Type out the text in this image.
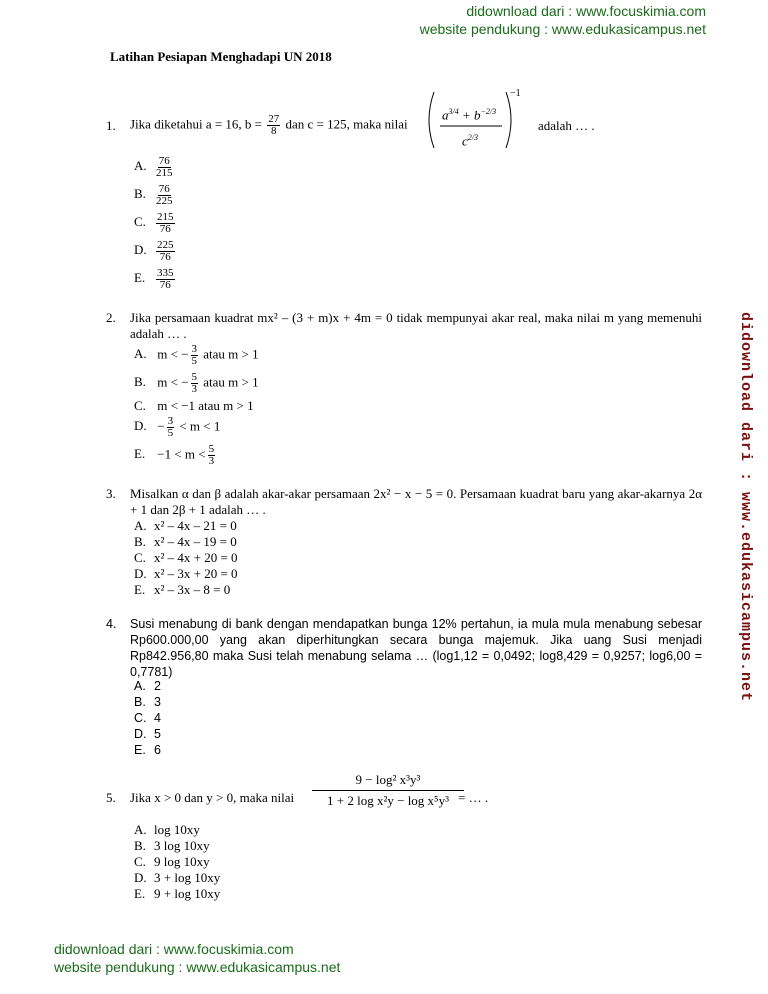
didownload dari : www.focuskimia.com
website pendukung : www.edukasicampus.net
didownload dari : www.focuskimia.com
website pendukung : www.edukasicampus.net
didownload dari : www.edukasicampus.net
Latihan Pesiapan Menghadapi UN 2018
1. Jika diketahui a = 16, $b = \frac{27}{8}$ dan c = 125, maka nilai
$a^{3/4} + b^{-2/3}$
$c^{2/3}$
−1
adalah … .
A. $\frac{76}{215}$
B. $\frac{76}{225}$
C. $\frac{215}{76}$
D. $\frac{225}{76}$
E. $\frac{335}{76}$
2. Jika persamaan kuadrat mx² – (3 + m)x + 4m = 0 tidak mempunyai akar real, maka nilai m yang memenuhi adalah … .
A. m < − $\frac{3}{5}$ atau m > 1
B. m < − $\frac{5}{3}$ atau m > 1
C. m < −1 atau m > 1
D. − $\frac{3}{5} < m < 1$
E. $-1 < m < \frac{5}{3}$
3. Misalkan α dan β adalah akar-akar persamaan 2x² − x − 5 = 0. Persamaan kuadrat baru yang akar-akarnya 2α + 1 dan 2β + 1 adalah … .
A. x² – 4x – 21 = 0
B. x² – 4x – 19 = 0
C. x² – 4x + 20 = 0
D. x² – 3x + 20 = 0
E. x² – 3x – 8 = 0
4. Susi menabung di bank dengan mendapatkan bunga 12% pertahun, ia mula mula menabung sebesar Rp600.000,00 yang akan diperhitungkan secara bunga majemuk. Jika uang Susi menjadi Rp842.956,80 maka Susi telah menabung selama … (log1,12 = 0,0492; log8,429 = 0,9257; log6,00 = 0,7781)
A. 2
B. 3
C. 4
D. 5
E. 6
5. Jika x > 0 dan y > 0, maka nilai $\frac{\text{9 − log² x³y³}}{\text{1 + 2 log x²y − log x⁵y³}}$
= … .
A. log 10xy
B. 3 log 10xy
C. 9 log 10xy
D. 3 + log 10xy
E. 9 + log 10xy
